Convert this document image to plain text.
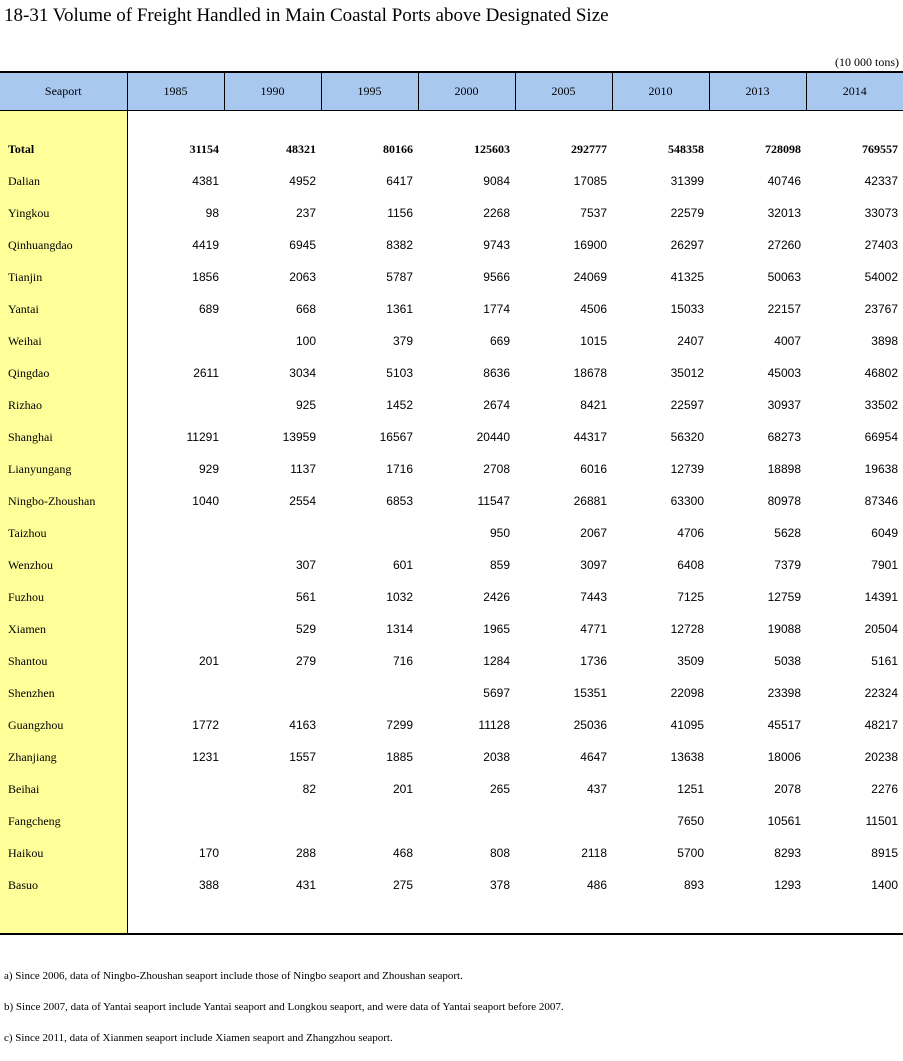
18-31 Volume of Freight Handled in Main Coastal Ports above Designated Size
(10 000 tons)
Seaport	1985	1990	1995	2000	2005	2010	2013	2014

Total	31154	48321	80166	125603	292777	548358	728098	769557
Dalian	4381	4952	6417	9084	17085	31399	40746	42337
Yingkou	98	237	1156	2268	7537	22579	32013	33073
Qinhuangdao	4419	6945	8382	9743	16900	26297	27260	27403
Tianjin	1856	2063	5787	9566	24069	41325	50063	54002
Yantai	689	668	1361	1774	4506	15033	22157	23767
Weihai		100	379	669	1015	2407	4007	3898
Qingdao	2611	3034	5103	8636	18678	35012	45003	46802
Rizhao		925	1452	2674	8421	22597	30937	33502
Shanghai	11291	13959	16567	20440	44317	56320	68273	66954
Lianyungang	929	1137	1716	2708	6016	12739	18898	19638
Ningbo-Zhoushan	1040	2554	6853	11547	26881	63300	80978	87346
Taizhou				950	2067	4706	5628	6049
Wenzhou		307	601	859	3097	6408	7379	7901
Fuzhou		561	1032	2426	7443	7125	12759	14391
Xiamen		529	1314	1965	4771	12728	19088	20504
Shantou	201	279	716	1284	1736	3509	5038	5161
Shenzhen				5697	15351	22098	23398	22324
Guangzhou	1772	4163	7299	11128	25036	41095	45517	48217
Zhanjiang	1231	1557	1885	2038	4647	13638	18006	20238
Beihai		82	201	265	437	1251	2078	2276
Fangcheng						7650	10561	11501
Haikou	170	288	468	808	2118	5700	8293	8915
Basuo	388	431	275	378	486	893	1293	1400

a) Since 2006, data of Ningbo-Zhoushan seaport include those of Ningbo seaport and Zhoushan seaport.
b) Since 2007, data of Yantai seaport include Yantai seaport and Longkou seaport, and were data of Yantai seaport before 2007.
c) Since 2011, data of Xianmen seaport include Xiamen seaport and Zhangzhou seaport.
